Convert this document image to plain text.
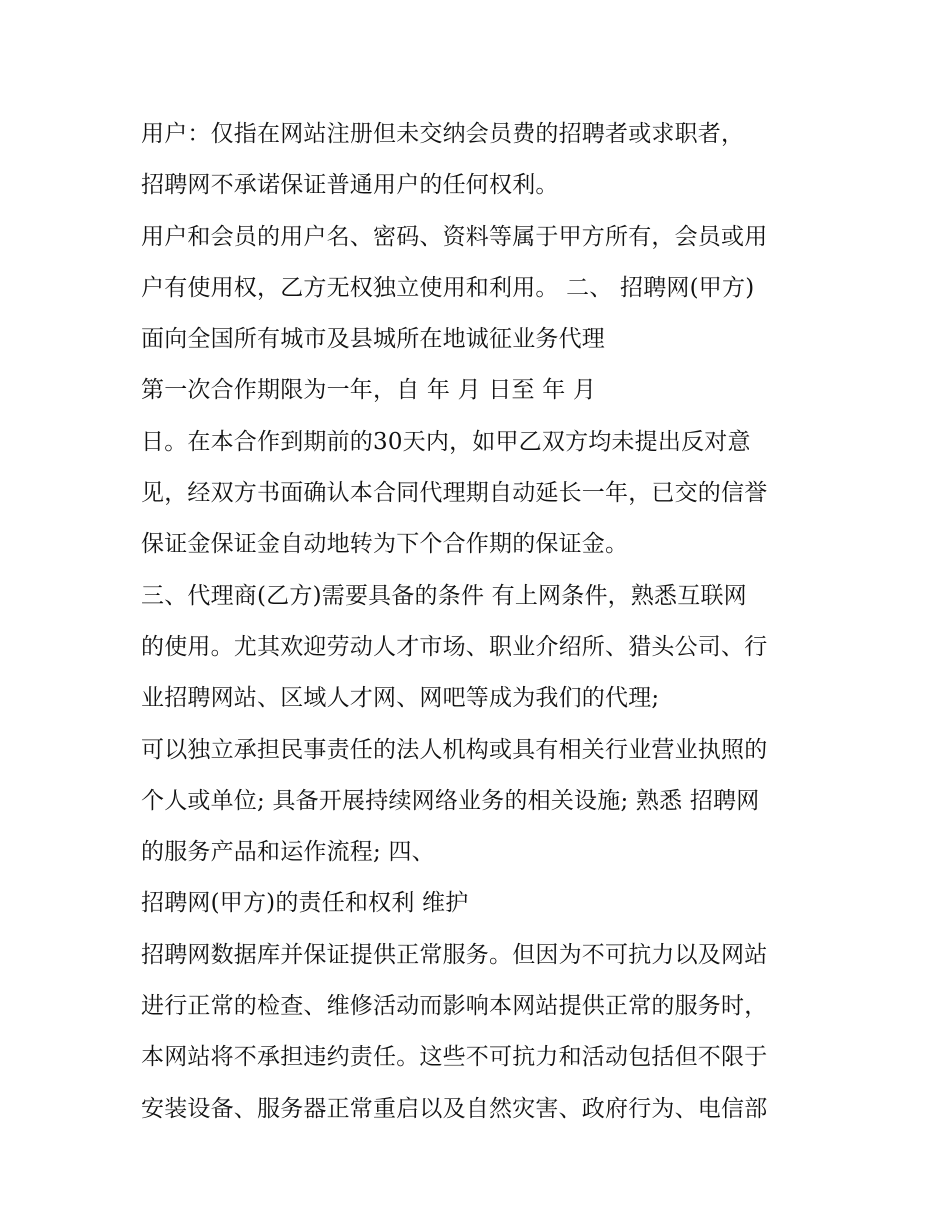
用户：仅指在网站注册但未交纳会员费的招聘者或求职者，
招聘网不承诺保证普通用户的任何权利。
用户和会员的用户名、密码、资料等属于甲方所有，会员或用
户有使用权，乙方无权独立使用和利用。 二、 招聘网(甲方)
面向全国所有城市及县城所在地诚征业务代理
第一次合作期限为一年，自 年 月 日至 年 月
日。在本合作到期前的30天内，如甲乙双方均未提出反对意
见，经双方书面确认本合同代理期自动延长一年，已交的信誉
保证金保证金自动地转为下个合作期的保证金。
三、代理商(乙方)需要具备的条件 有上网条件，熟悉互联网
的使用。尤其欢迎劳动人才市场、职业介绍所、猎头公司、行
业招聘网站、区域人才网、网吧等成为我们的代理;
可以独立承担民事责任的法人机构或具有相关行业营业执照的
个人或单位; 具备开展持续网络业务的相关设施; 熟悉 招聘网
的服务产品和运作流程; 四、
招聘网(甲方)的责任和权利 维护
招聘网数据库并保证提供正常服务。但因为不可抗力以及网站
进行正常的检查、维修活动而影响本网站提供正常的服务时，
本网站将不承担违约责任。这些不可抗力和活动包括但不限于
安装设备、服务器正常重启以及自然灾害、政府行为、电信部
